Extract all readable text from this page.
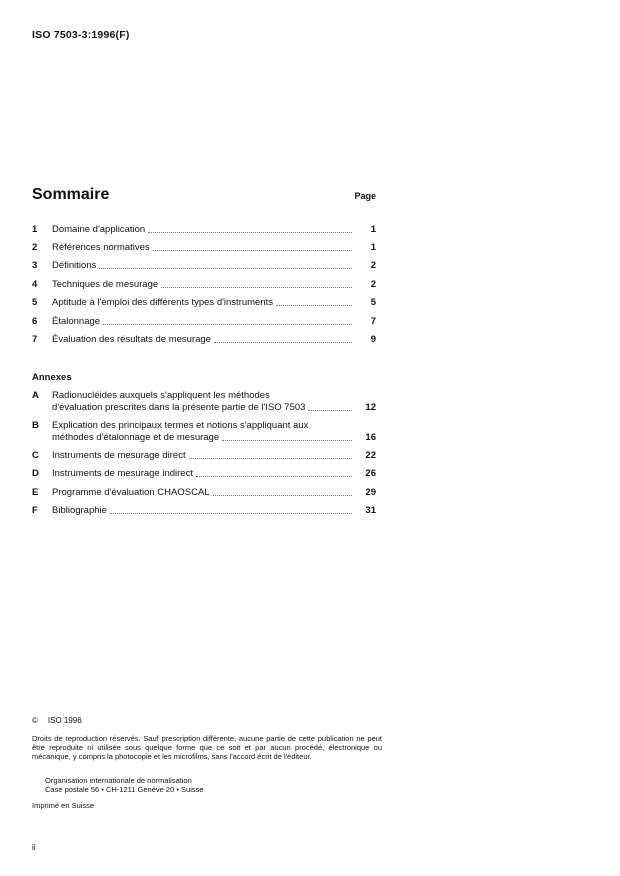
ISO 7503-3:1996(F)
Sommaire	Page
1	Domaine d'application	1
2	Références normatives	1
3	Définitions	2
4	Techniques de mesurage	2
5	Aptitude à l'emploi des différents types d'instruments	5
6	Étalonnage	7
7	Évaluation des résultats de mesurage	9
Annexes
A	Radionucléides auxquels s'appliquent les méthodes
d'évaluation prescrites dans la présente partie de l'ISO 7503	12
B	Explication des principaux termes et notions s'appliquant aux
méthodes d'étalonnage et de mesurage	16
C	Instruments de mesurage direct	22
D	Instruments de mesurage indirect	26
E	Programme d'évaluation CHAOSCAL	29
F	Bibliographie	31
© ISO 1996
Droits de reproduction réservés. Sauf prescription différente, aucune partie de cette publication ne peut être reproduite ni utilisée sous quelque forme que ce soit et par aucun procédé, électronique ou mécanique, y compris la photocopie et les microfilms, sans l'accord écrit de l'éditeur.
Organisation internationale de normalisation
Case postale 56 • CH-1211 Genève 20 • Suisse
Imprimé en Suisse
ii
